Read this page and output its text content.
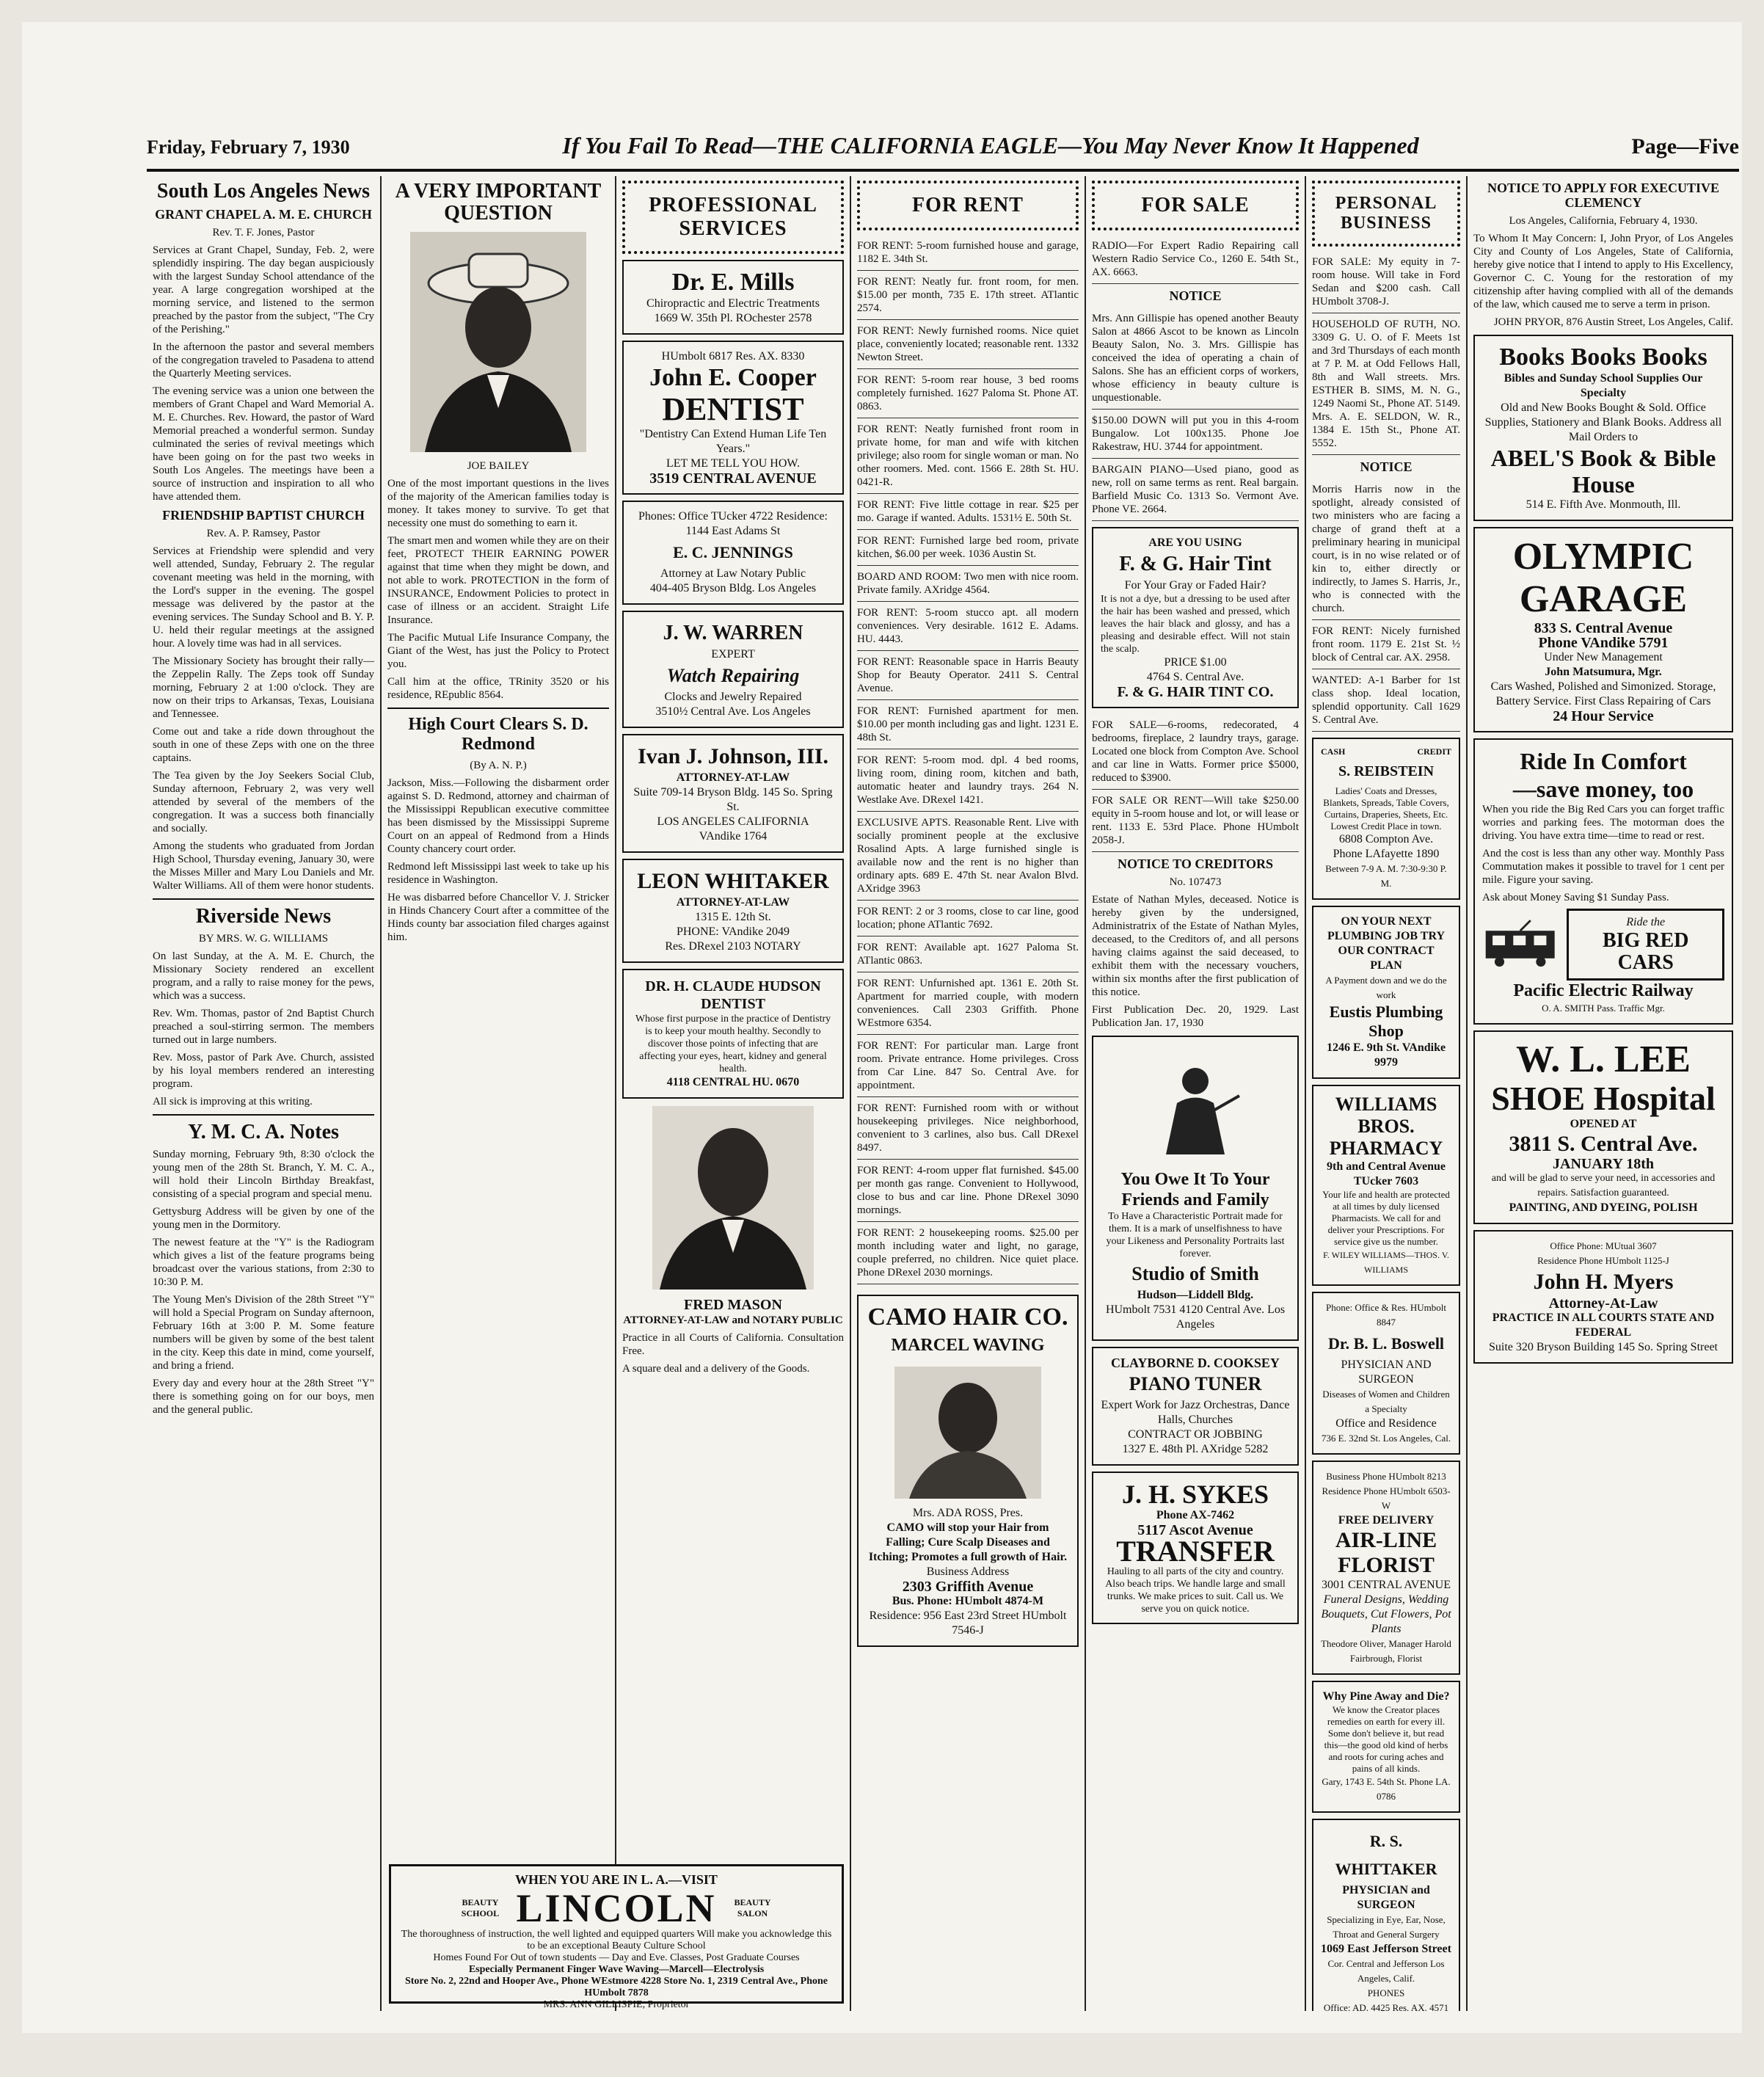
Friday, February 7, 1930	If You Fail To Read—THE CALIFORNIA EAGLE—You May Never Know It Happened	Page—Five
South Los Angeles News
GRANT CHAPEL A. M. E. CHURCH
Rev. T. F. Jones, Pastor

Services at Grant Chapel, Sunday, Feb. 2, were splendidly inspiring. The day began auspiciously with the largest Sunday School attendance of the year. A large congregation worshiped at the morning service, and listened to the sermon preached by the pastor from the subject, "The Cry of the Perishing."

In the afternoon the pastor and several members of the congregation traveled to Pasadena to attend the Quarterly Meeting services.

The evening service was a union one between the members of Grant Chapel and Ward Memorial A. M. E. Churches. Rev. Howard, the pastor of Ward Memorial preached a wonderful sermon. Sunday culminated the series of revival meetings which have been going on for the past two weeks in South Los Angeles. The meetings have been a source of instruction and inspiration to all who have attended them.

FRIENDSHIP BAPTIST CHURCH
Rev. A. P. Ramsey, Pastor

Services at Friendship were splendid and very well attended, Sunday, February 2. The regular covenant meeting was held in the morning, with the Lord's supper in the evening. The gospel message was delivered by the pastor at the evening services. The Sunday School and B. Y. P. U. held their regular meetings at the assigned hour. A lovely time was had in all services.

The Missionary Society has brought their rally—the Zeppelin Rally. The Zeps took off Sunday morning, February 2 at 1:00 o'clock. They are now on their trips to Arkansas, Texas, Louisiana and Tennessee.

Come out and take a ride down throughout the south in one of these Zeps with one on the three captains.

The Tea given by the Joy Seekers Social Club, Sunday afternoon, February 2, was very well attended by several of the members of the congregation. It was a success both financially and socially.

Among the students who graduated from Jordan High School, Thursday evening, January 30, were the Misses Miller and Mary Lou Daniels and Mr. Walter Williams. All of them were honor students.

Riverside News
BY MRS. W. G. WILLIAMS

On last Sunday, at the A. M. E. Church, the Missionary Society rendered an excellent program, and a rally to raise money for the pews, which was a success.

Rev. Wm. Thomas, pastor of 2nd Baptist Church preached a soul-stirring sermon. The members turned out in large numbers.

Rev. Moss, pastor of Park Ave. Church, assisted by his loyal members rendered an interesting program.

All sick is improving at this writing.

Y. M. C. A. Notes

Sunday morning, February 9th, 8:30 o'clock the young men of the 28th St. Branch, Y. M. C. A., will hold their Lincoln Birthday Breakfast, consisting of a special program and special menu.

Gettysburg Address will be given by one of the young men in the Dormitory.

The newest feature at the "Y" is the Radiogram which gives a list of the feature programs being broadcast over the various stations, from 2:30 to 10:30 P. M.

The Young Men's Division of the 28th Street "Y" will hold a Special Program on Sunday afternoon, February 16th at 3:00 P. M. Some feature numbers will be given by some of the best talent in the city. Keep this date in mind, come yourself, and bring a friend.

Every day and every hour at the 28th Street "Y" there is something going on for our boys, men and the general public.

A VERY IMPORTANT QUESTION
JOE BAILEY

One of the most important questions in the lives of the majority of the American families today is money. It takes money to survive. To get that necessity one must do something to earn it.

The smart men and women while they are on their feet, PROTECT THEIR EARNING POWER against that time when they might be down, and not able to work. PROTECTION in the form of INSURANCE, Endowment Policies to protect in case of illness or an accident. Straight Life Insurance.

The Pacific Mutual Life Insurance Company, the Giant of the West, has just the Policy to Protect you.

Call him at the office, TRinity 3520 or his residence, REpublic 8564.

High Court Clears S. D. Redmond
(By A. N. P.)

Jackson, Miss.—Following the disbarment order against S. D. Redmond, attorney and chairman of the Mississippi Republican executive committee has been dismissed by the Mississippi Supreme Court on an appeal of Redmond from a Hinds County chancery court order.

Redmond left Mississippi last week to take up his residence in Washington.

He was disbarred before Chancellor V. J. Stricker in Hinds Chancery Court after a committee of the Hinds county bar association filed charges against him.

PROFESSIONAL SERVICES
Dr. E. Mills
Chiropractic and Electric Treatments
1669 W. 35th Pl. ROchester 2578
HUmbolt 6817 Res. AX. 8330
John E. Cooper
DENTIST
"Dentistry Can Extend Human Life Ten Years."
LET ME TELL YOU HOW.
3519 CENTRAL AVENUE
Phones: Office TUcker 4722 Residence: 1144 East Adams St
E. C. JENNINGS
Attorney at Law Notary Public
404-405 Bryson Bldg. Los Angeles
J. W. WARREN
EXPERT
Watch Repairing
Clocks and Jewelry Repaired
3510½ Central Ave. Los Angeles
Ivan J. Johnson, III.
ATTORNEY-AT-LAW
Suite 709-14 Bryson Bldg. 145 So. Spring St.
LOS ANGELES CALIFORNIA
VAndike 1764
LEON WHITAKER
ATTORNEY-AT-LAW
1315 E. 12th St.
PHONE: VAndike 2049
Res. DRexel 2103 NOTARY
DR. H. CLAUDE HUDSON DENTIST
Whose first purpose in the practice of Dentistry is to keep your mouth healthy. Secondly to discover those points of infecting that are affecting your eyes, heart, kidney and general health.
4118 CENTRAL HU. 0670
FRED MASON
ATTORNEY-AT-LAW and NOTARY PUBLIC

Practice in all Courts of California. Consultation Free.

A square deal and a delivery of the Goods.

FOR RENT

FOR RENT: 5-room furnished house and garage, 1182 E. 34th St.

FOR RENT: Neatly fur. front room, for men. $15.00 per month, 735 E. 17th street. ATlantic 2574.

FOR RENT: Newly furnished rooms. Nice quiet place, conveniently located; reasonable rent. 1332 Newton Street.

FOR RENT: 5-room rear house, 3 bed rooms completely furnished. 1627 Paloma St. Phone AT. 0863.

FOR RENT: Neatly furnished front room in private home, for man and wife with kitchen privilege; also room for single woman or man. No other roomers. Med. cont. 1566 E. 28th St. HU. 0421-R.

FOR RENT: Five little cottage in rear. $25 per mo. Garage if wanted. Adults. 1531½ E. 50th St.

FOR RENT: Furnished large bed room, private kitchen, $6.00 per week. 1036 Austin St.

BOARD AND ROOM: Two men with nice room. Private family. AXridge 4564.

FOR RENT: 5-room stucco apt. all modern conveniences. Very desirable. 1612 E. Adams. HU. 4443.

FOR RENT: Reasonable space in Harris Beauty Shop for Beauty Operator. 2411 S. Central Avenue.

FOR RENT: Furnished apartment for men. $10.00 per month including gas and light. 1231 E. 48th St.

FOR RENT: 5-room mod. dpl. 4 bed rooms, living room, dining room, kitchen and bath, automatic heater and laundry trays. 264 N. Westlake Ave. DRexel 1421.

EXCLUSIVE APTS. Reasonable Rent. Live with socially prominent people at the exclusive Rosalind Apts. A large furnished single is available now and the rent is no higher than ordinary apts. 689 E. 47th St. near Avalon Blvd. AXridge 3963

FOR RENT: 2 or 3 rooms, close to car line, good location; phone ATlantic 7692.

FOR RENT: Available apt. 1627 Paloma St. ATlantic 0863.

FOR RENT: Unfurnished apt. 1361 E. 20th St. Apartment for married couple, with modern conveniences. Call 2303 Griffith. Phone WEstmore 6354.

FOR RENT: For particular man. Large front room. Private entrance. Home privileges. Cross from Car Line. 847 So. Central Ave. for appointment.

FOR RENT: Furnished room with or without housekeeping privileges. Nice neighborhood, convenient to 3 carlines, also bus. Call DRexel 8497.

FOR RENT: 4-room upper flat furnished. $45.00 per month gas range. Convenient to Hollywood, close to bus and car line. Phone DRexel 3090 mornings.

FOR RENT: 2 housekeeping rooms. $25.00 per month including water and light, no garage, couple preferred, no children. Nice quiet place. Phone DRexel 2030 mornings.

CAMO HAIR CO.
MARCEL WAVING
Mrs. ADA ROSS, Pres.
CAMO will stop your Hair from Falling; Cure Scalp Diseases and Itching; Promotes a full growth of Hair.
Business Address
2303 Griffith Avenue
Bus. Phone: HUmbolt 4874-M
Residence: 956 East 23rd Street HUmbolt 7546-J
FOR SALE

RADIO—For Expert Radio Repairing call Western Radio Service Co., 1260 E. 54th St., AX. 6663.

NOTICE

Mrs. Ann Gillispie has opened another Beauty Salon at 4866 Ascot to be known as Lincoln Beauty Salon, No. 3. Mrs. Gillispie has conceived the idea of operating a chain of Salons. She has an efficient corps of workers, whose efficiency in beauty culture is unquestionable.

$150.00 DOWN will put you in this 4-room Bungalow. Lot 100x135. Phone Joe Rakestraw, HU. 3744 for appointment.

BARGAIN PIANO—Used piano, good as new, roll on same terms as rent. Real bargain. Barfield Music Co. 1313 So. Vermont Ave. Phone VE. 2664.

ARE YOU USING
F. & G. Hair Tint
For Your Gray or Faded Hair?
It is not a dye, but a dressing to be used after the hair has been washed and pressed, which leaves the hair black and glossy, and has a pleasing and desirable effect. Will not stain the scalp.
PRICE $1.00
4764 S. Central Ave.
F. & G. HAIR TINT CO.

FOR SALE—6-rooms, redecorated, 4 bedrooms, fireplace, 2 laundry trays, garage. Located one block from Compton Ave. School and car line in Watts. Former price $5000, reduced to $3900.

FOR SALE OR RENT—Will take $250.00 equity in 5-room house and lot, or will lease or rent. 1133 E. 53rd Place. Phone HUmbolt 2058-J.

NOTICE TO CREDITORS
No. 107473

Estate of Nathan Myles, deceased. Notice is hereby given by the undersigned, Administratrix of the Estate of Nathan Myles, deceased, to the Creditors of, and all persons having claims against the said deceased, to exhibit them with the necessary vouchers, within six months after the first publication of this notice.

First Publication Dec. 20, 1929. Last Publication Jan. 17, 1930

You Owe It To Your Friends and Family
To Have a Characteristic Portrait made for them. It is a mark of unselfishness to have your Likeness and Personality Portraits last forever.
Studio of Smith
Hudson—Liddell Bldg.
HUmbolt 7531 4120 Central Ave. Los Angeles
CLAYBORNE D. COOKSEY
PIANO TUNER
Expert Work for Jazz Orchestras, Dance Halls, Churches
CONTRACT OR JOBBING
1327 E. 48th Pl. AXridge 5282
J. H. SYKES
Phone AX-7462
5117 Ascot Avenue
TRANSFER
Hauling to all parts of the city and country. Also beach trips. We handle large and small trunks. We make prices to suit. Call us. We serve you on quick notice.
PERSONAL BUSINESS

FOR SALE: My equity in 7-room house. Will take in Ford Sedan and $200 cash. Call HUmbolt 3708-J.

HOUSEHOLD OF RUTH, NO. 3309 G. U. O. of F. Meets 1st and 3rd Thursdays of each month at 7 P. M. at Odd Fellows Hall, 8th and Wall streets. Mrs. ESTHER B. SIMS, M. N. G., 1249 Naomi St., Phone AT. 5149. Mrs. A. E. SELDON, W. R., 1384 E. 15th St., Phone AT. 5552.

NOTICE

Morris Harris now in the spotlight, already consisted of two ministers who are facing a charge of grand theft at a preliminary hearing in municipal court, is in no wise related or of kin to, either directly or indirectly, to James S. Harris, Jr., who is connected with the church.

FOR RENT: Nicely furnished front room. 1179 E. 21st St. ½ block of Central car. AX. 2958.

WANTED: A-1 Barber for 1st class shop. Ideal location, splendid opportunity. Call 1629 S. Central Ave.

CASH	CREDIT
S. REIBSTEIN
Ladies' Coats and Dresses, Blankets, Spreads, Table Covers, Curtains, Draperies, Sheets, Etc. Lowest Credit Place in town.
6808 Compton Ave.
Phone LAfayette 1890
Between 7-9 A. M. 7:30-9:30 P. M.
ON YOUR NEXT PLUMBING JOB TRY OUR CONTRACT PLAN
A Payment down and we do the work
Eustis Plumbing Shop
1246 E. 9th St. VAndike 9979
WILLIAMS BROS. PHARMACY
9th and Central Avenue
TUcker 7603
Your life and health are protected at all times by duly licensed Pharmacists. We call for and deliver your Prescriptions. For service give us the number.
F. WILEY WILLIAMS—THOS. V. WILLIAMS
Phone: Office & Res. HUmbolt 8847
Dr. B. L. Boswell
PHYSICIAN AND SURGEON
Diseases of Women and Children a Specialty
Office and Residence
736 E. 32nd St. Los Angeles, Cal.
Business Phone HUmbolt 8213
Residence Phone HUmbolt 6503-W
FREE DELIVERY
AIR-LINE FLORIST
3001 CENTRAL AVENUE
Funeral Designs, Wedding Bouquets, Cut Flowers, Pot Plants
Theodore Oliver, Manager Harold Fairbrough, Florist
Why Pine Away and Die?
We know the Creator places remedies on earth for every ill. Some don't believe it, but read this—the good old kind of herbs and roots for curing aches and pains of all kinds.
Gary, 1743 E. 54th St. Phone LA. 0786
R. S. WHITTAKER
PHYSICIAN and SURGEON
Specializing in Eye, Ear, Nose, Throat and General Surgery
1069 East Jefferson Street
Cor. Central and Jefferson Los Angeles, Calif.
PHONES
Office: AD. 4425 Res. AX. 4571
NOTICE TO APPLY FOR EXECUTIVE CLEMENCY
Los Angeles, California, February 4, 1930.

To Whom It May Concern: I, John Pryor, of Los Angeles City and County of Los Angeles, State of California, hereby give notice that I intend to apply to His Excellency, Governor C. C. Young for the restoration of my citizenship after having complied with all of the demands of the law, which caused me to serve a term in prison.

JOHN PRYOR, 876 Austin Street, Los Angeles, Calif.

Books Books Books
Bibles and Sunday School Supplies Our Specialty
Old and New Books Bought & Sold. Office Supplies, Stationery and Blank Books. Address all Mail Orders to
ABEL'S Book & Bible House
514 E. Fifth Ave. Monmouth, Ill.
OLYMPIC GARAGE
833 S. Central Avenue
Phone VAndike 5791
Under New Management
John Matsumura, Mgr.
Cars Washed, Polished and Simonized. Storage, Battery Service. First Class Repairing of Cars
24 Hour Service
Ride In Comfort
—save money, too

When you ride the Big Red Cars you can forget traffic worries and parking fees. The motorman does the driving. You have extra time—time to read or rest.

And the cost is less than any other way. Monthly Pass Commutation makes it possible to travel for 1 cent per mile. Figure your saving.

Ask about Money Saving $1 Sunday Pass.

Ride the
BIG RED CARS
Pacific Electric Railway
O. A. SMITH Pass. Traffic Mgr.
W. L. LEE
SHOE Hospital
OPENED AT
3811 S. Central Ave.
JANUARY 18th
and will be glad to serve your need, in accessories and repairs. Satisfaction guaranteed.
PAINTING, AND DYEING, POLISH
Office Phone: MUtual 3607
Residence Phone HUmbolt 1125-J
John H. Myers
Attorney-At-Law
PRACTICE IN ALL COURTS STATE AND FEDERAL
Suite 320 Bryson Building 145 So. Spring Street
WHEN YOU ARE IN L. A.—VISIT
BEAUTY SCHOOL LINCOLN	BEAUTY SALON
The thoroughness of instruction, the well lighted and equipped quarters Will make you acknowledge this to be an exceptional Beauty Culture School
Homes Found For Out of town students — Day and Eve. Classes, Post Graduate Courses
Especially Permanent Finger Wave Waving—Marcell—Electrolysis
Store No. 2, 22nd and Hooper Ave., Phone WEstmore 4228 Store No. 1, 2319 Central Ave., Phone HUmbolt 7878
MRS. ANN GILLISPIE, Proprietor
